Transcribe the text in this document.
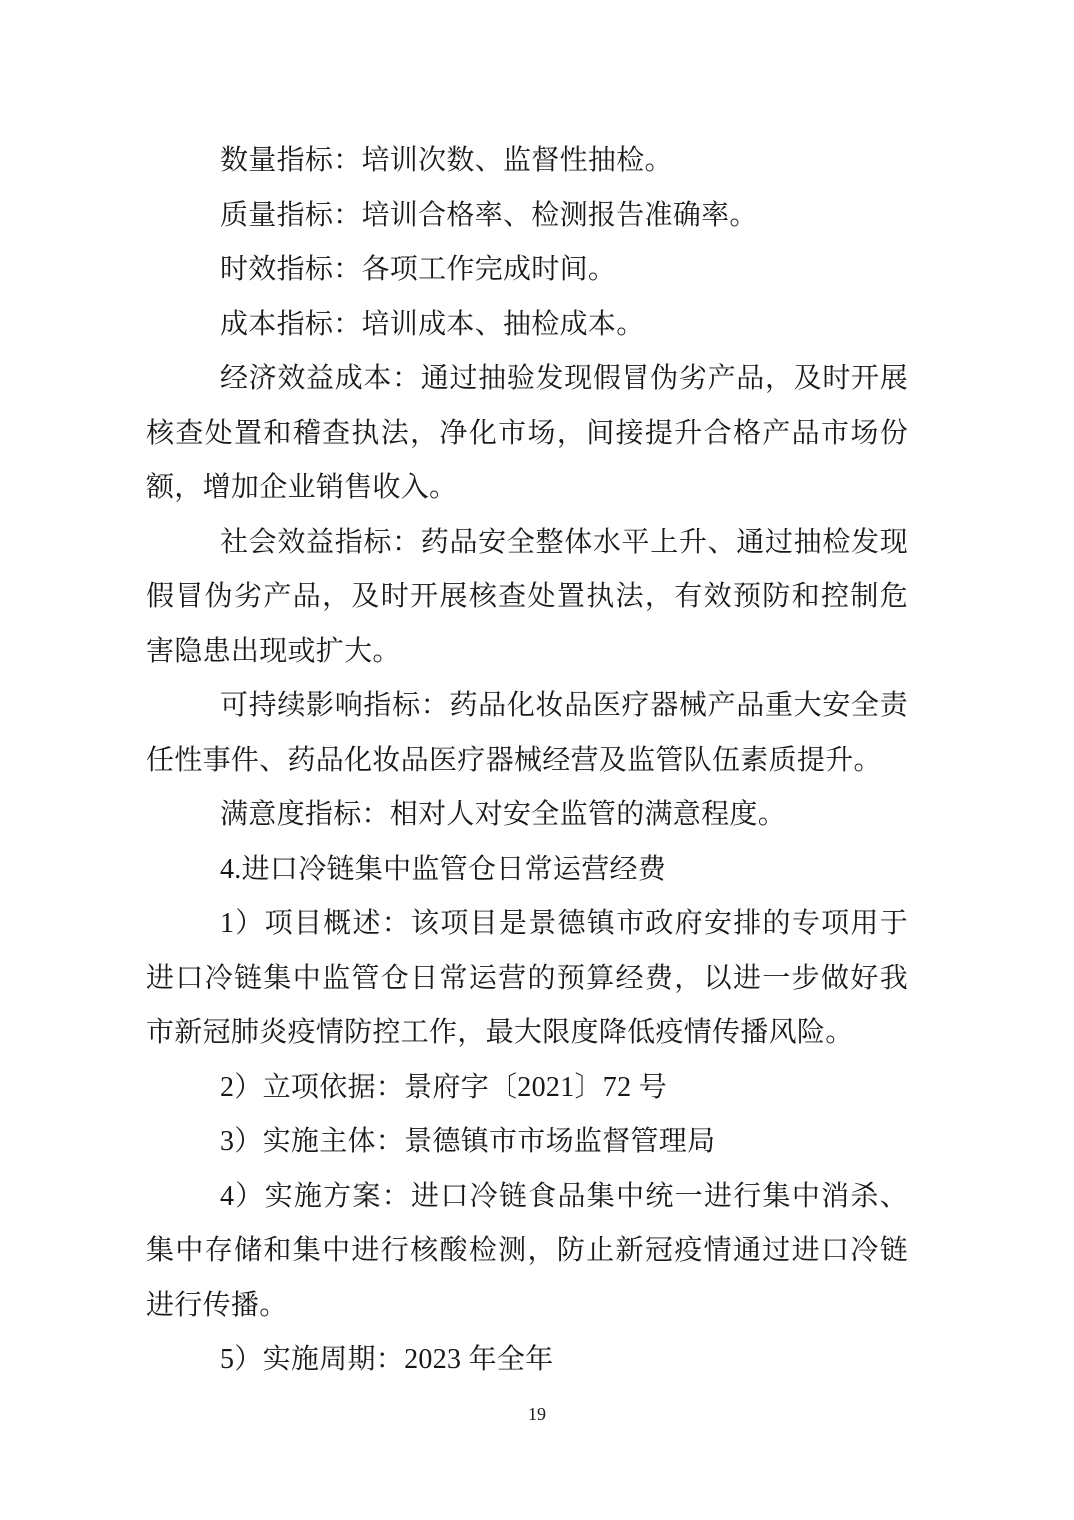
数量指标：培训次数、监督性抽检。
质量指标：培训合格率、检测报告准确率。
时效指标：各项工作完成时间。
成本指标：培训成本、抽检成本。
经济效益成本：通过抽验发现假冒伪劣产品，及时开展
核查处置和稽查执法，净化市场，间接提升合格产品市场份
额，增加企业销售收入。
社会效益指标：药品安全整体水平上升、通过抽检发现
假冒伪劣产品，及时开展核查处置执法，有效预防和控制危
害隐患出现或扩大。
可持续影响指标：药品化妆品医疗器械产品重大安全责
任性事件、药品化妆品医疗器械经营及监管队伍素质提升。
满意度指标：相对人对安全监管的满意程度。
4.进口冷链集中监管仓日常运营经费
1）项目概述：该项目是景德镇市政府安排的专项用于
进口冷链集中监管仓日常运营的预算经费，以进一步做好我
市新冠肺炎疫情防控工作，最大限度降低疫情传播风险。
2）立项依据：景府字〔2021〕72 号
3）实施主体：景德镇市市场监督管理局
4）实施方案：进口冷链食品集中统一进行集中消杀、
集中存储和集中进行核酸检测，防止新冠疫情通过进口冷链
进行传播。
5）实施周期：2023 年全年
19
